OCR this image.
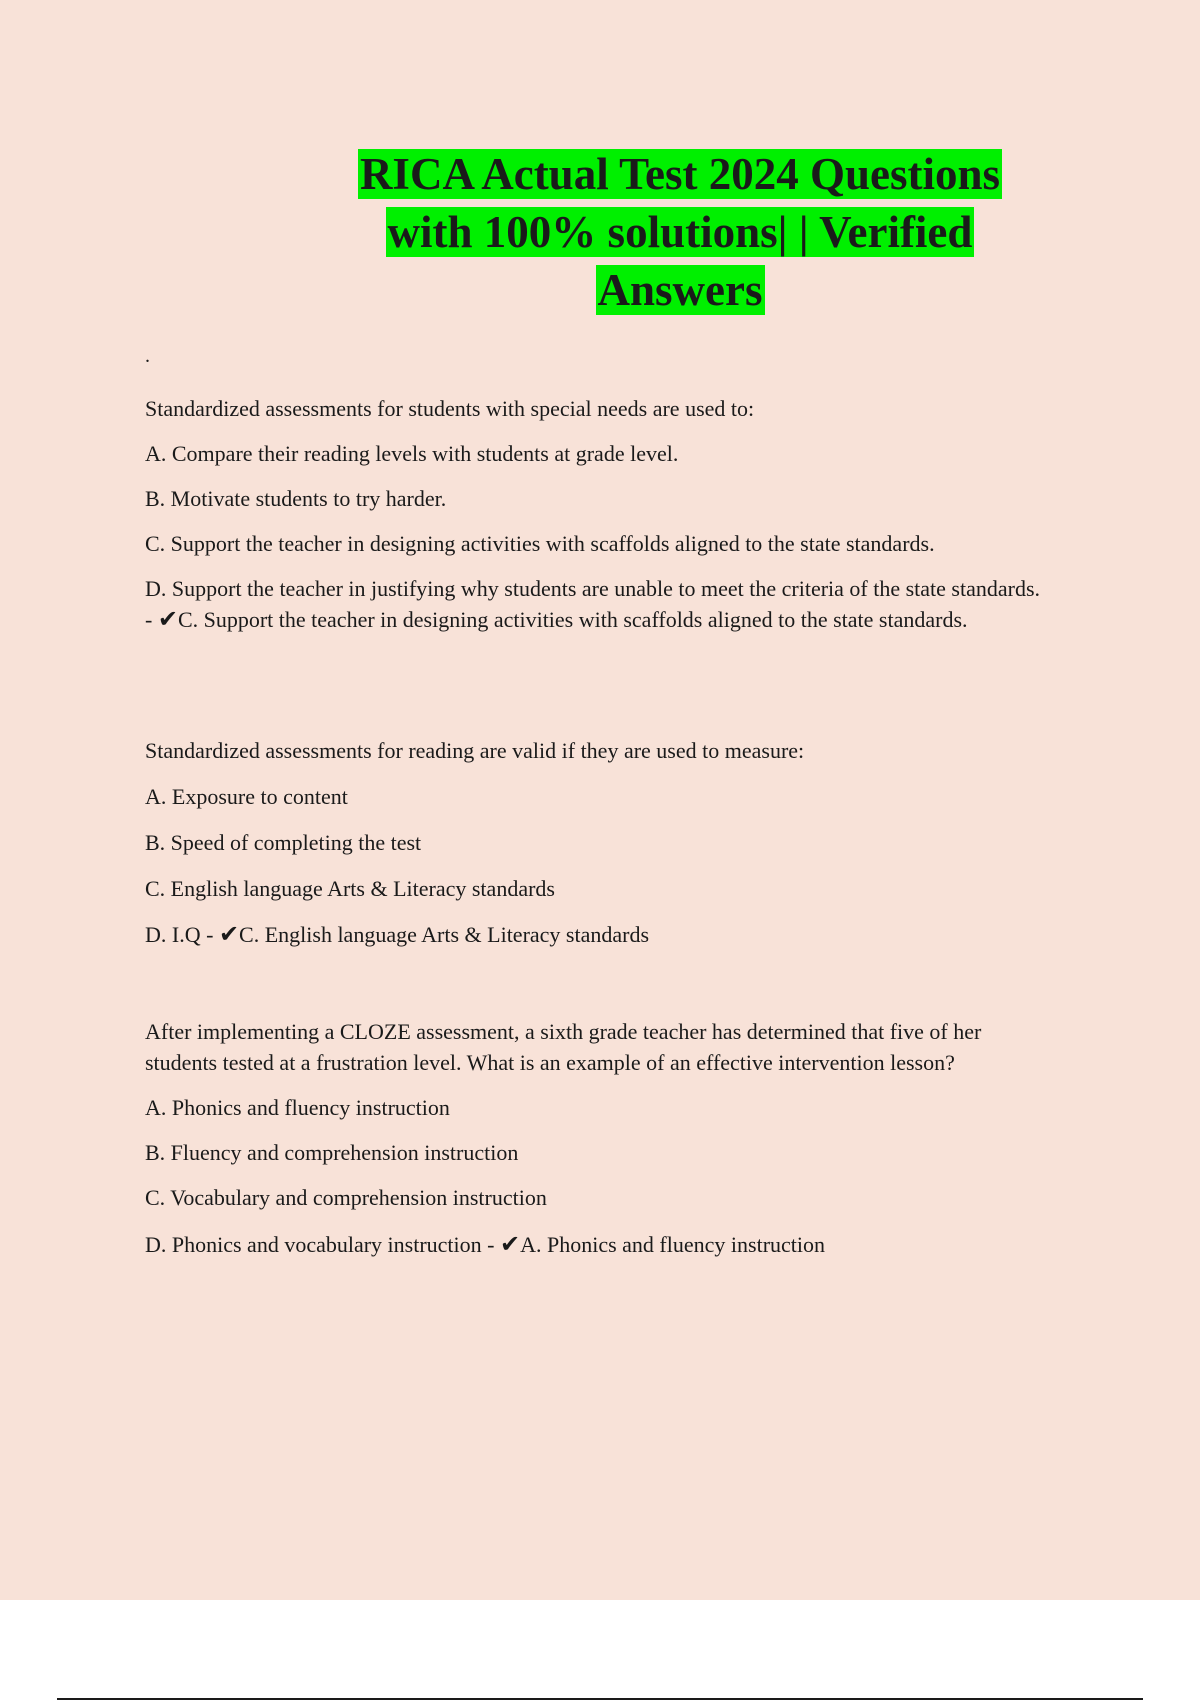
RICA Actual Test 2024 Questions
with 100% solutions| | Verified
Answers
.

Standardized assessments for students with special needs are used to:

A. Compare their reading levels with students at grade level.

B. Motivate students to try harder.

C. Support the teacher in designing activities with scaffolds aligned to the state standards.

D. Support the teacher in justifying why students are unable to meet the criteria of the state standards. - ✔C. Support the teacher in designing activities with scaffolds aligned to the state standards.

Standardized assessments for reading are valid if they are used to measure:

A. Exposure to content

B. Speed of completing the test

C. English language Arts & Literacy standards

D. I.Q - ✔C. English language Arts & Literacy standards

After implementing a CLOZE assessment, a sixth grade teacher has determined that five of her students tested at a frustration level. What is an example of an effective intervention lesson?

A. Phonics and fluency instruction

B. Fluency and comprehension instruction

C. Vocabulary and comprehension instruction

D. Phonics and vocabulary instruction - ✔A. Phonics and fluency instruction
